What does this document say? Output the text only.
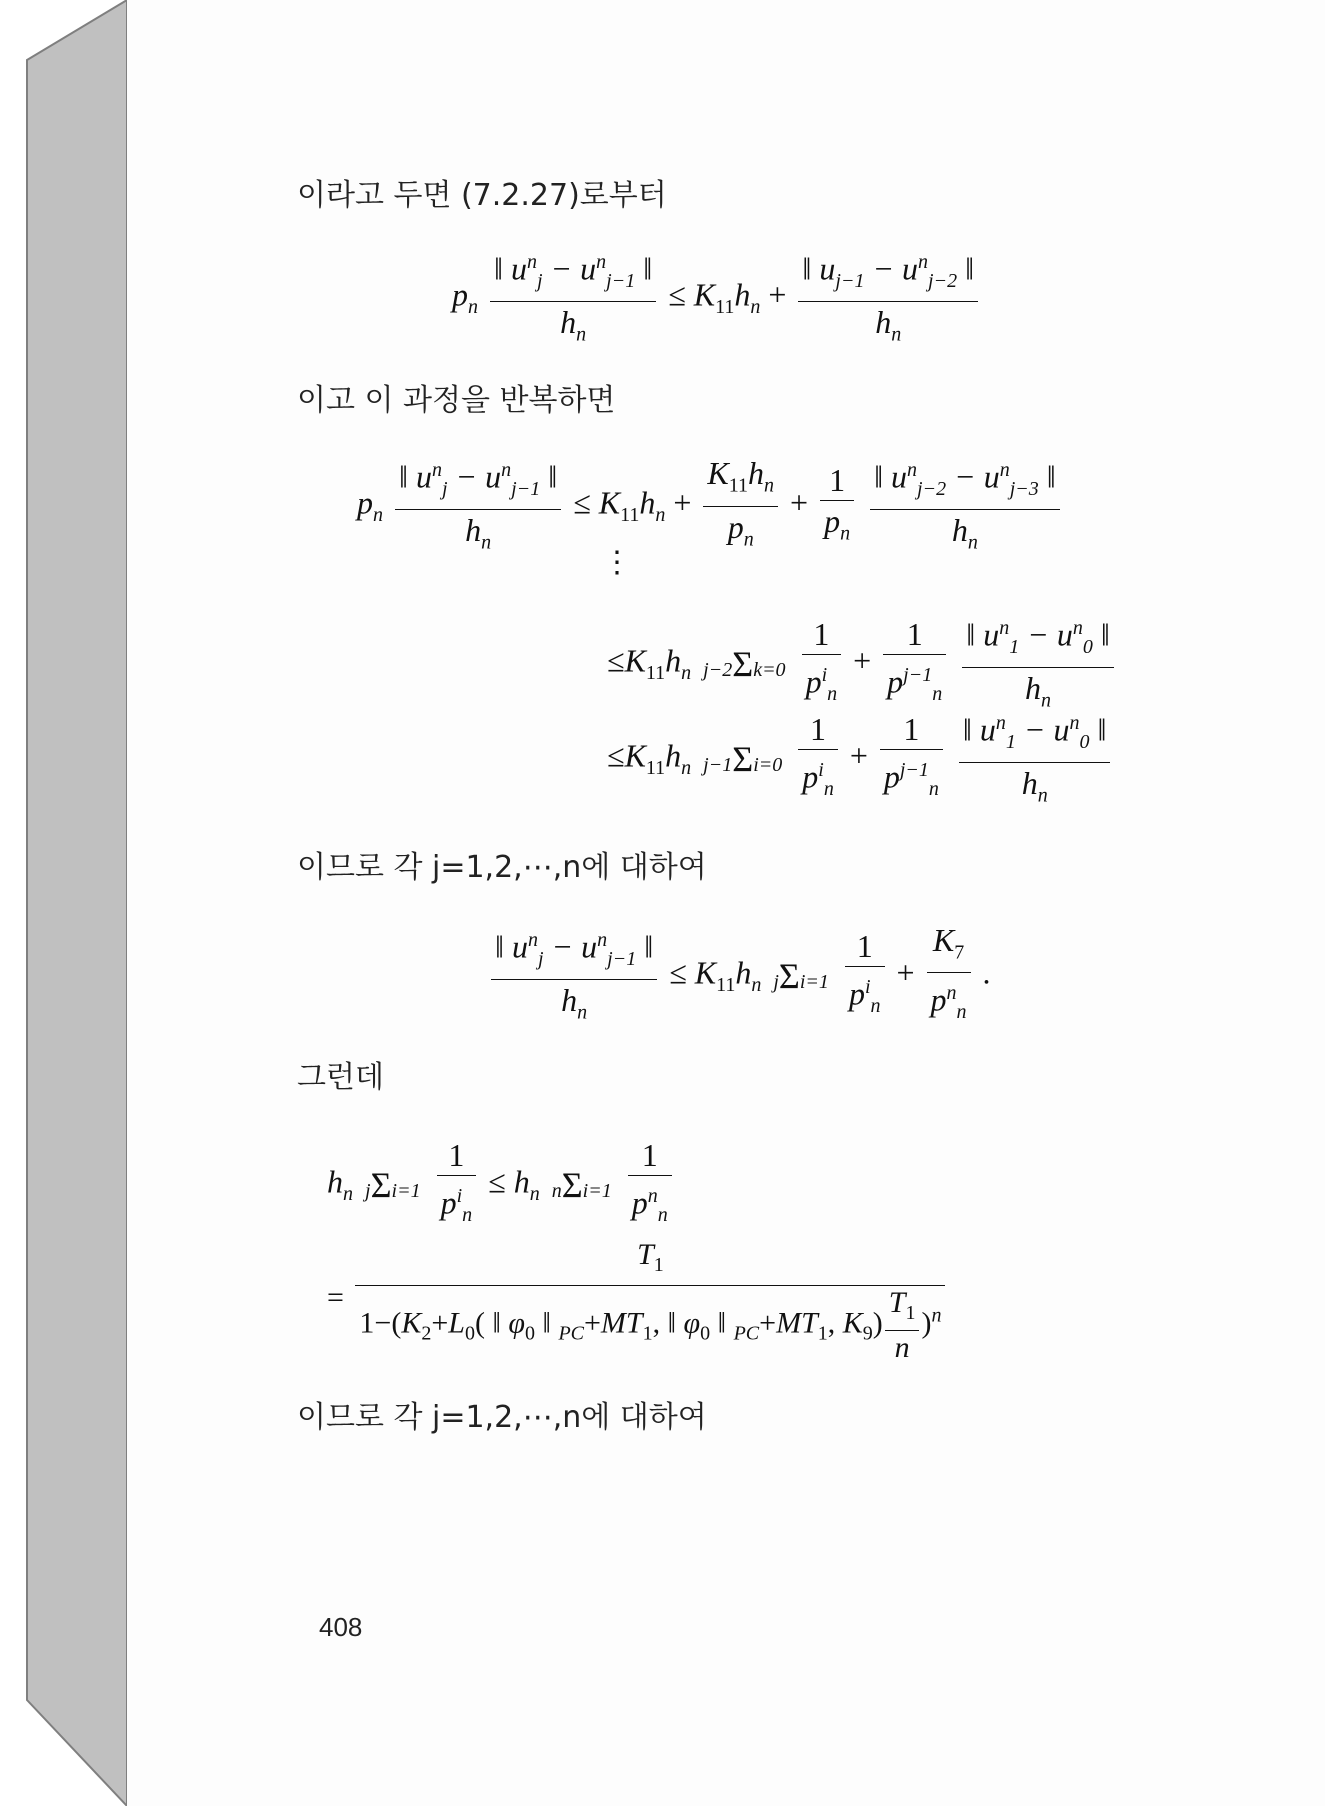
이라고 두면 (7.2.27)로부터
$p_n \frac{‖ u^n_j - u^n_{j-1} ‖}{h_n} \le K_{11}h_n + \frac{‖ u_{j-1} - u^n_{j-2} ‖}{h_n}$
이고 이 과정을 반복하면
$p_n \frac{‖ u^n_j - u^n_{j-1} ‖}{h_n} \le K_{11}h_n + \frac{K_{11}h_n}{p_n} + \frac{1}{p_n}$
$\frac{‖ u^n_{j-2} - u^n_{j-3} ‖}{h_n}$
⋮
$\le K_{11}h_n$ $j-2\Sigma k=0 \frac{1}{p^i_n} + \frac{1}{p^{j-1}_n}$
$\frac{‖ u^n_1 - u^n_0 ‖}{h_n}$
$\le K_{11}h_n$ $j-1\Sigma i=0 \frac{1}{p^i_n} + \frac{1}{p^{j-1}_n}$
$\frac{‖ u^n_1 - u^n_0 ‖}{h_n}$
이므로 각 j=1,2,⋯,n에 대하여
$\frac{‖ u^n_j - u^n_{j-1} ‖}{h_n} \le K_{11}h_n$ $j\Sigma i=1 \frac{1}{p^i_n} + \frac{K_7}{p^n_n}$ .
그런데
$h_n$ $j\Sigma i=1 \frac{1}{p^i_n} \le h_n$ $n\Sigma i=1 \frac{1}{p^n_n}$
= $\frac{T_1}{1-(K_2+L_0( ‖ \varphi_0 ‖ _{PC}+MT_1, ‖ \varphi_0 ‖ _{PC}+MT_1, K_9) \frac{T_1}{n} )^n}$
이므로 각 j=1,2,⋯,n에 대하여
408
